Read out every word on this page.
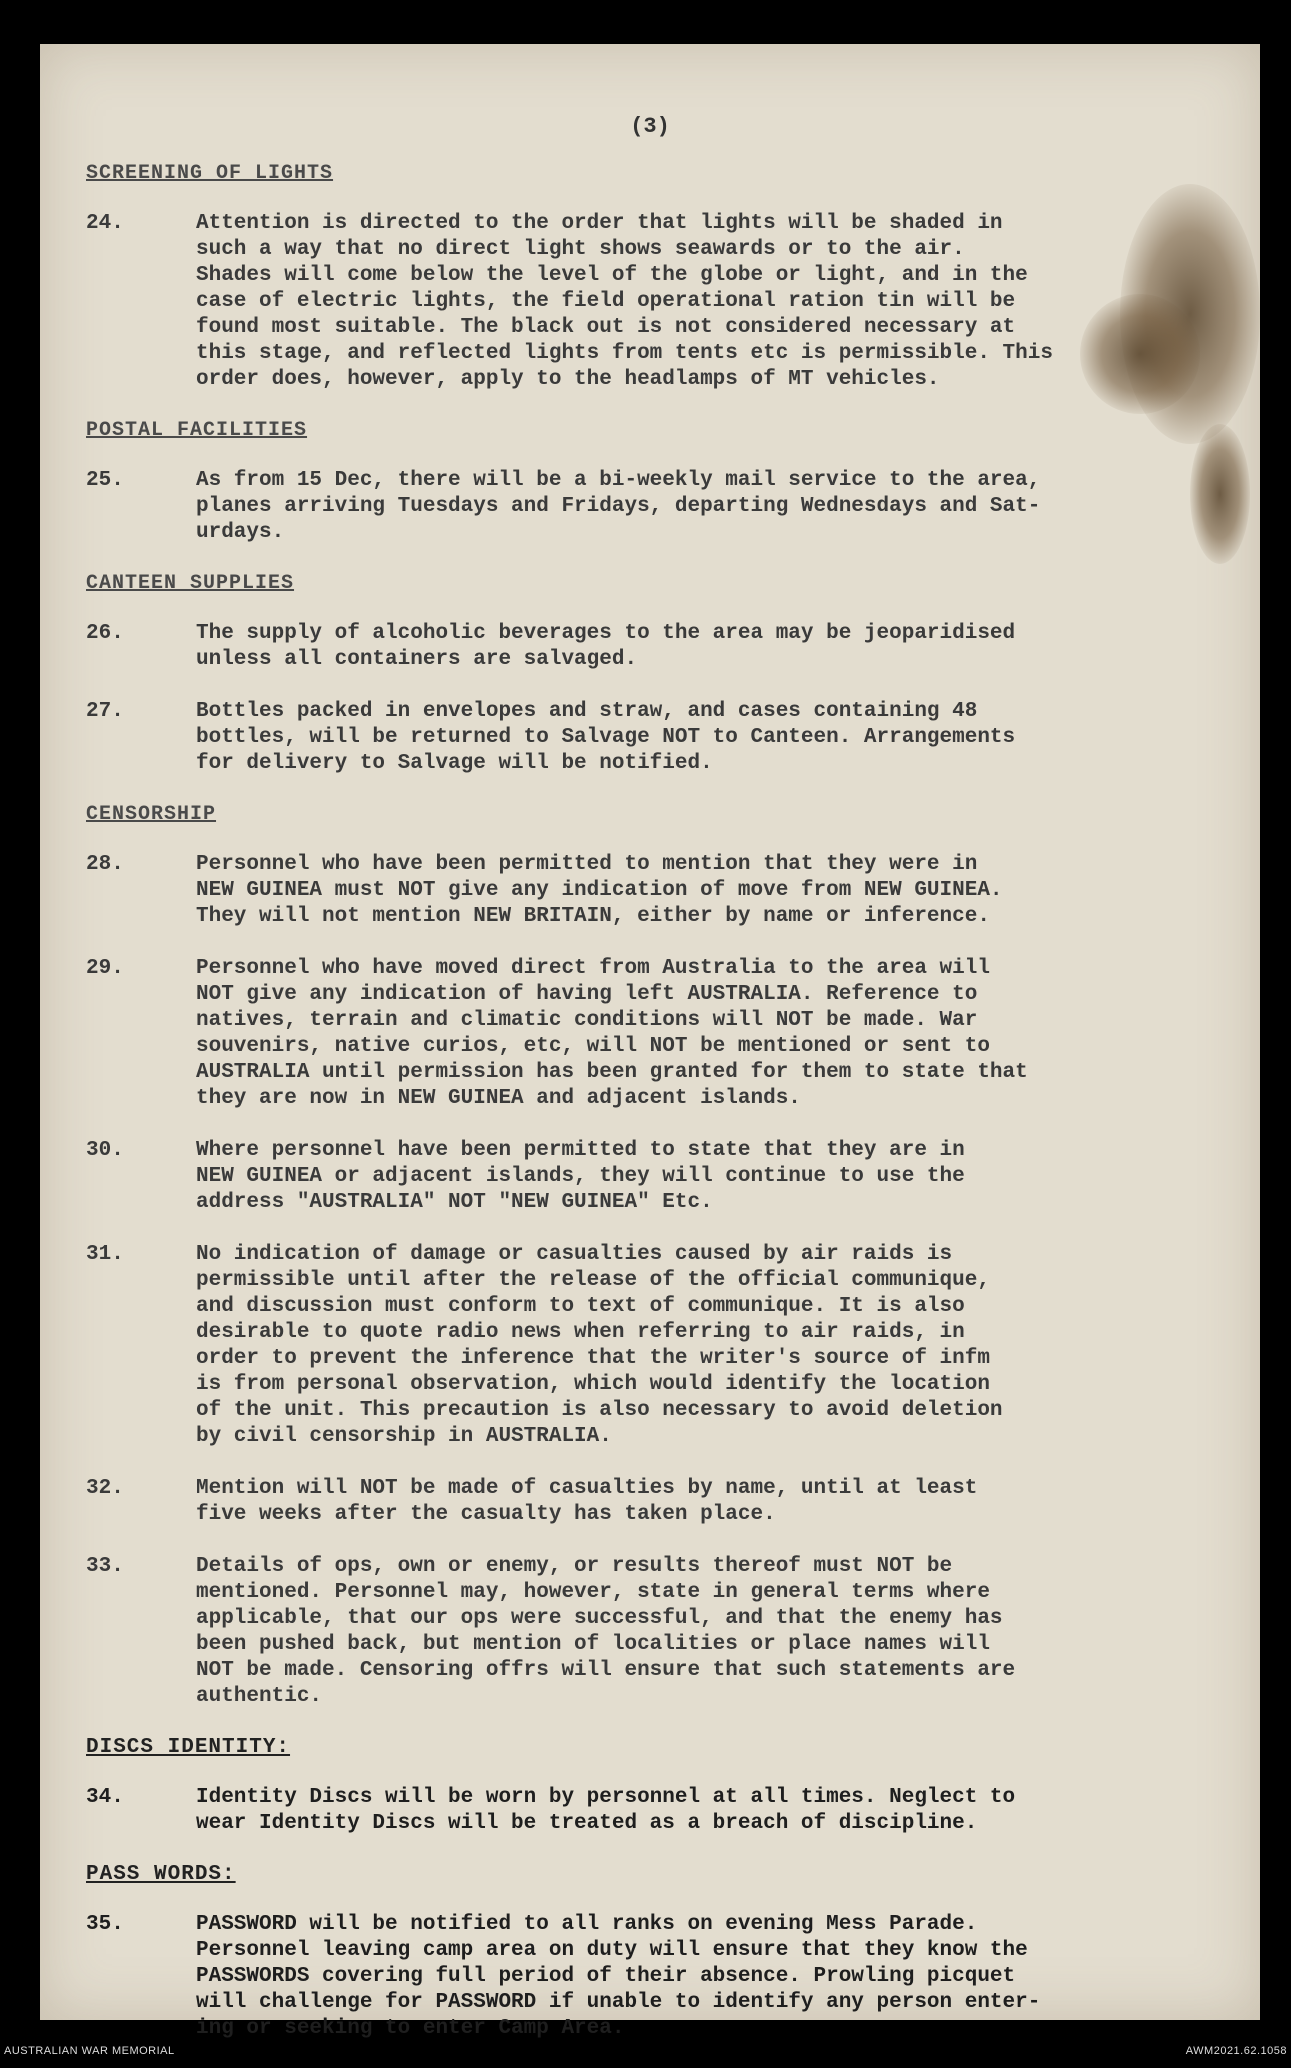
(3)
SCREENING OF LIGHTS
24.	Attention is directed to the order that lights will be shaded in
such a way that no direct light shows seawards or to the air.
Shades will come below the level of the globe or light, and in the
case of electric lights, the field operational ration tin will be
found most suitable. The black out is not considered necessary at
this stage, and reflected lights from tents etc is permissible. This
order does, however, apply to the headlamps of MT vehicles.
POSTAL FACILITIES
25.	As from 15 Dec, there will be a bi-weekly mail service to the area,
planes arriving Tuesdays and Fridays, departing Wednesdays and Sat-
urdays.
CANTEEN SUPPLIES
26.	The supply of alcoholic beverages to the area may be jeoparidised
unless all containers are salvaged.
27.	Bottles packed in envelopes and straw, and cases containing 48
bottles, will be returned to Salvage NOT to Canteen. Arrangements
for delivery to Salvage will be notified.
CENSORSHIP
28.	Personnel who have been permitted to mention that they were in
NEW GUINEA must NOT give any indication of move from NEW GUINEA.
They will not mention NEW BRITAIN, either by name or inference.
29.	Personnel who have moved direct from Australia to the area will
NOT give any indication of having left AUSTRALIA. Reference to
natives, terrain and climatic conditions will NOT be made. War
souvenirs, native curios, etc, will NOT be mentioned or sent to
AUSTRALIA until permission has been granted for them to state that
they are now in NEW GUINEA and adjacent islands.
30.	Where personnel have been permitted to state that they are in
NEW GUINEA or adjacent islands, they will continue to use the
address "AUSTRALIA" NOT "NEW GUINEA" Etc.
31.	No indication of damage or casualties caused by air raids is
permissible until after the release of the official communique,
and discussion must conform to text of communique. It is also
desirable to quote radio news when referring to air raids, in
order to prevent the inference that the writer's source of infm
is from personal observation, which would identify the location
of the unit. This precaution is also necessary to avoid deletion
by civil censorship in AUSTRALIA.
32.	Mention will NOT be made of casualties by name, until at least
five weeks after the casualty has taken place.
33.	Details of ops, own or enemy, or results thereof must NOT be
mentioned. Personnel may, however, state in general terms where
applicable, that our ops were successful, and that the enemy has
been pushed back, but mention of localities or place names will
NOT be made. Censoring offrs will ensure that such statements are
authentic.
DISCS IDENTITY:
34.	Identity Discs will be worn by personnel at all times. Neglect to
wear Identity Discs will be treated as a breach of discipline.
PASS WORDS:
35.	PASSWORD will be notified to all ranks on evening Mess Parade.
Personnel leaving camp area on duty will ensure that they know the
PASSWORDS covering full period of their absence. Prowling picquet
will challenge for PASSWORD if unable to identify any person enter-
ing or seeking to enter Camp Area.
AUSTRALIAN WAR MEMORIAL	AWM2021.62.1058
